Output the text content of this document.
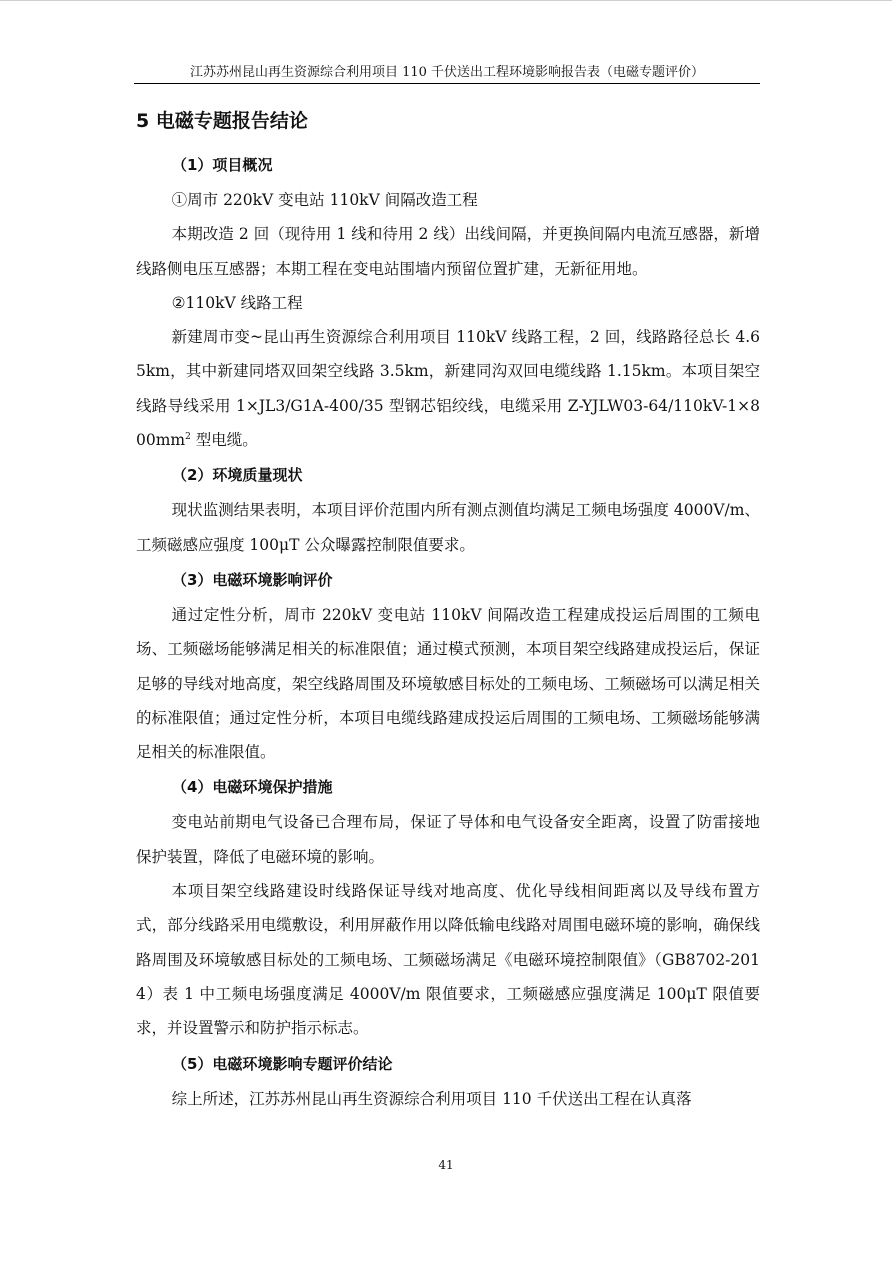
江苏苏州昆山再生资源综合利用项目 110 千伏送出工程环境影响报告表（电磁专题评价）
5 电磁专题报告结论
（1）项目概况

①周市 220kV 变电站 110kV 间隔改造工程

本期改造 2 回（现待用 1 线和待用 2 线）出线间隔，并更换间隔内电流互感器，新增线路侧电压互感器；本期工程在变电站围墙内预留位置扩建，无新征用地。

②110kV 线路工程

新建周市变~昆山再生资源综合利用项目 110kV 线路工程，2 回，线路路径总长 4.65km，其中新建同塔双回架空线路 3.5km，新建同沟双回电缆线路 1.15km。本项目架空线路导线采用 1×JL3/G1A-400/35 型钢芯铝绞线，电缆采用 $Z-YJLW03-64/110kV-1\times 800mm^2$ 型电缆。

（2）环境质量现状

现状监测结果表明，本项目评价范围内所有测点测值均满足工频电场强度 4000V/m、工频磁感应强度 100μT 公众曝露控制限值要求。

（3）电磁环境影响评价

通过定性分析，周市 220kV 变电站 110kV 间隔改造工程建成投运后周围的工频电场、工频磁场能够满足相关的标准限值；通过模式预测，本项目架空线路建成投运后，保证足够的导线对地高度，架空线路周围及环境敏感目标处的工频电场、工频磁场可以满足相关的标准限值；通过定性分析，本项目电缆线路建成投运后周围的工频电场、工频磁场能够满足相关的标准限值。

（4）电磁环境保护措施

变电站前期电气设备已合理布局，保证了导体和电气设备安全距离，设置了防雷接地保护装置，降低了电磁环境的影响。

本项目架空线路建设时线路保证导线对地高度、优化导线相间距离以及导线布置方式，部分线路采用电缆敷设，利用屏蔽作用以降低输电线路对周围电磁环境的影响，确保线路周围及环境敏感目标处的工频电场、工频磁场满足《电磁环境控制限值》（GB8702-2014）表 1 中工频电场强度满足 4000V/m 限值要求，工频磁感应强度满足 100μT 限值要求，并设置警示和防护指示标志。

（5）电磁环境影响专题评价结论

综上所述，江苏苏州昆山再生资源综合利用项目 110 千伏送出工程在认真落

41
